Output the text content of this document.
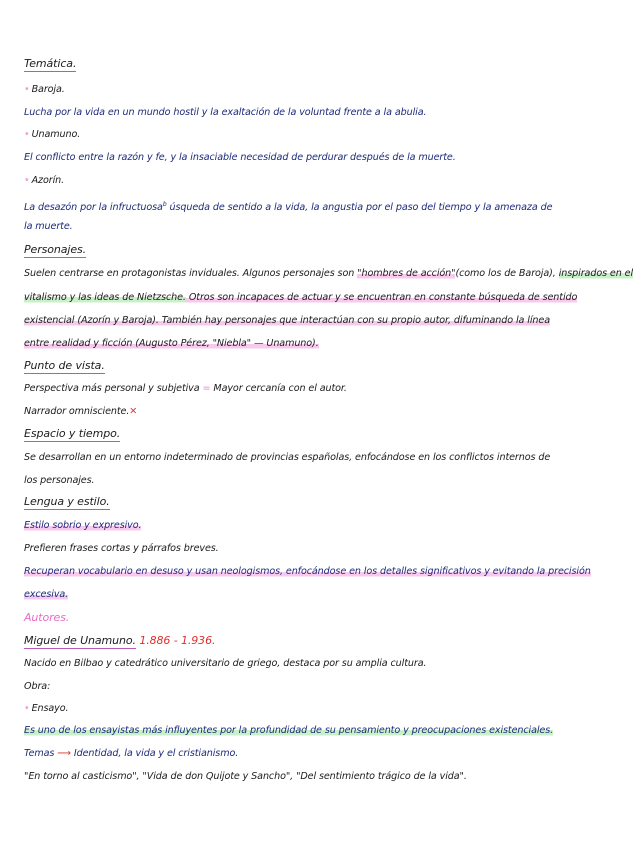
Temática.
• Baroja.
Lucha por la vida en un mundo hostil y la exaltación de la voluntad frente a la abulia.
• Unamuno.
El conflicto entre la razón y fe, y la insaciable necesidad de perdurar después de la muerte.
• Azorín.
La desazón por la infructuosa$^b$ úsqueda de sentido a la vida, la angustia por el paso del tiempo y la amenaza de
la muerte.
Personajes.
Suelen centrarse en protagonistas inviduales. Algunos personajes son "hombres de acción"(como los de Baroja), inspirados en el
vitalismo y las ideas de Nietzsche. Otros son incapaces de actuar y se encuentran en constante búsqueda de sentido
existencial (Azorín y Baroja). También hay personajes que interactúan con su propio autor, difuminando la línea
entre realidad y ficción (Augusto Pérez, "Niebla" — Unamuno).
Punto de vista.
Perspectiva más personal y subjetiva = Mayor cercanía con el autor.
Narrador omnisciente.✕
Espacio y tiempo.
Se desarrollan en un entorno indeterminado de provincias españolas, enfocándose en los conflictos internos de
los personajes.
Lengua y estilo.
Estilo sobrio y expresivo.
Prefieren frases cortas y párrafos breves.
Recuperan vocabulario en desuso y usan neologismos, enfocándose en los detalles significativos y evitando la precisión
excesiva.
Autores.
Miguel de Unamuno. 1.886 - 1.936.
Nacido en Bilbao y catedrático universitario de griego, destaca por su amplia cultura.
Obra:
• Ensayo.
Es uno de los ensayistas más influyentes por la profundidad de su pensamiento y preocupaciones existenciales.
Temas ⟶ Identidad, la vida y el cristianismo.
"En torno al casticismo", "Vida de don Quijote y Sancho", "Del sentimiento trágico de la vida".
